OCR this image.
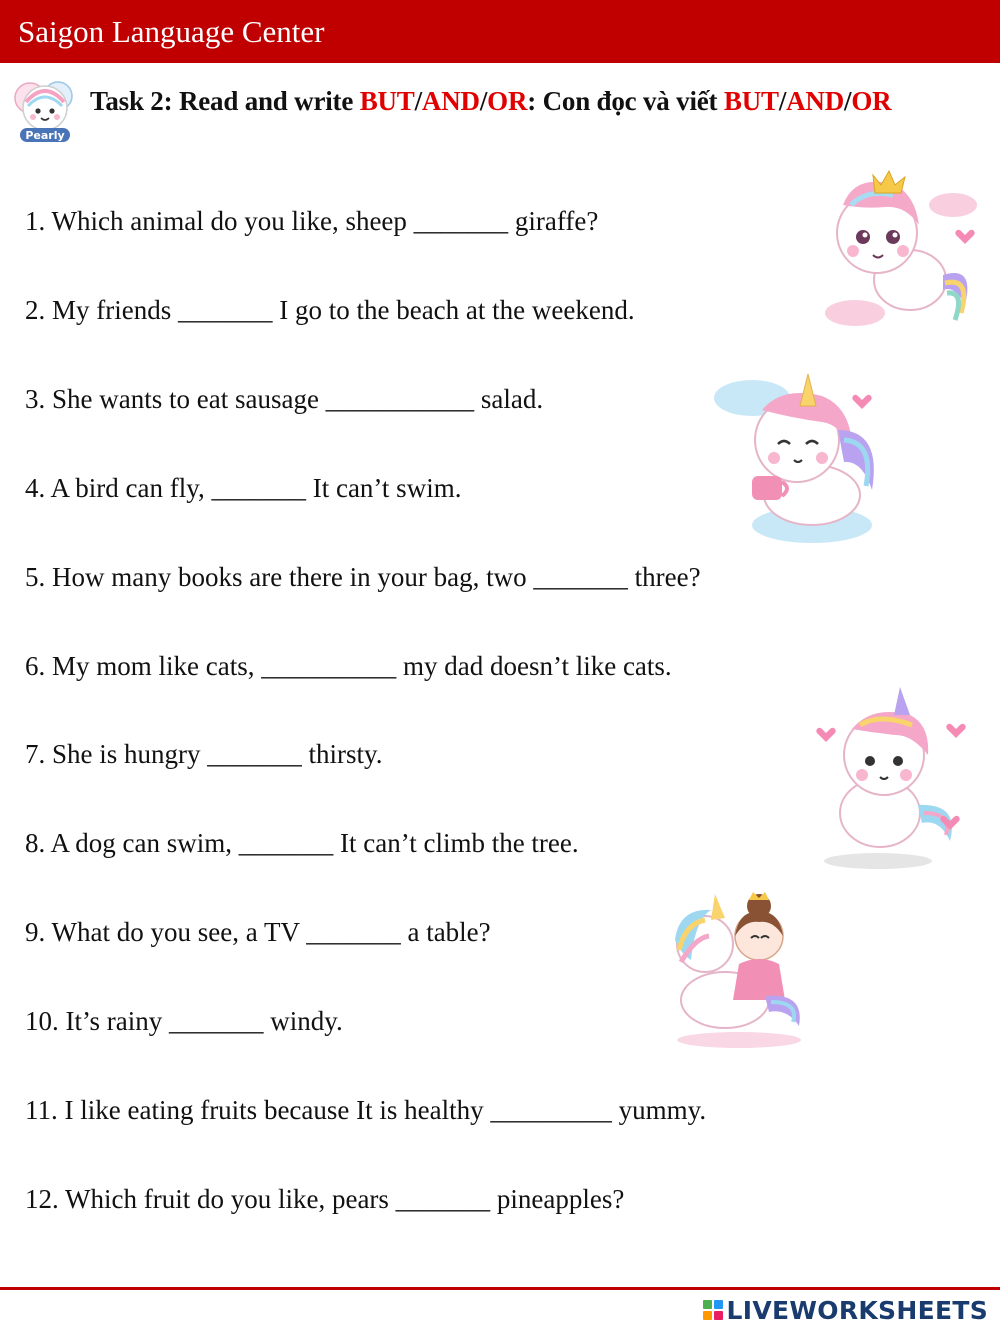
Saigon Language Center
Pearly
Task 2: Read and write BUT/AND/OR: Con đọc và viết BUT/AND/OR
1. Which animal do you like, sheep _______ giraffe?
2. My friends _______ I go to the beach at the weekend.
3. She wants to eat sausage ___________ salad.
4. A bird can fly, _______ It can’t swim.
5. How many books are there in your bag, two _______ three?
6. My mom like cats, __________ my dad doesn’t like cats.
7. She is hungry _______ thirsty.
8. A dog can swim, _______ It can’t climb the tree.
9. What do you see, a TV _______ a table?
10. It’s rainy _______ windy.
11. I like eating fruits because It is healthy _________ yummy.
12. Which fruit do you like, pears _______ pineapples?
LIVEWORKSHEETS
